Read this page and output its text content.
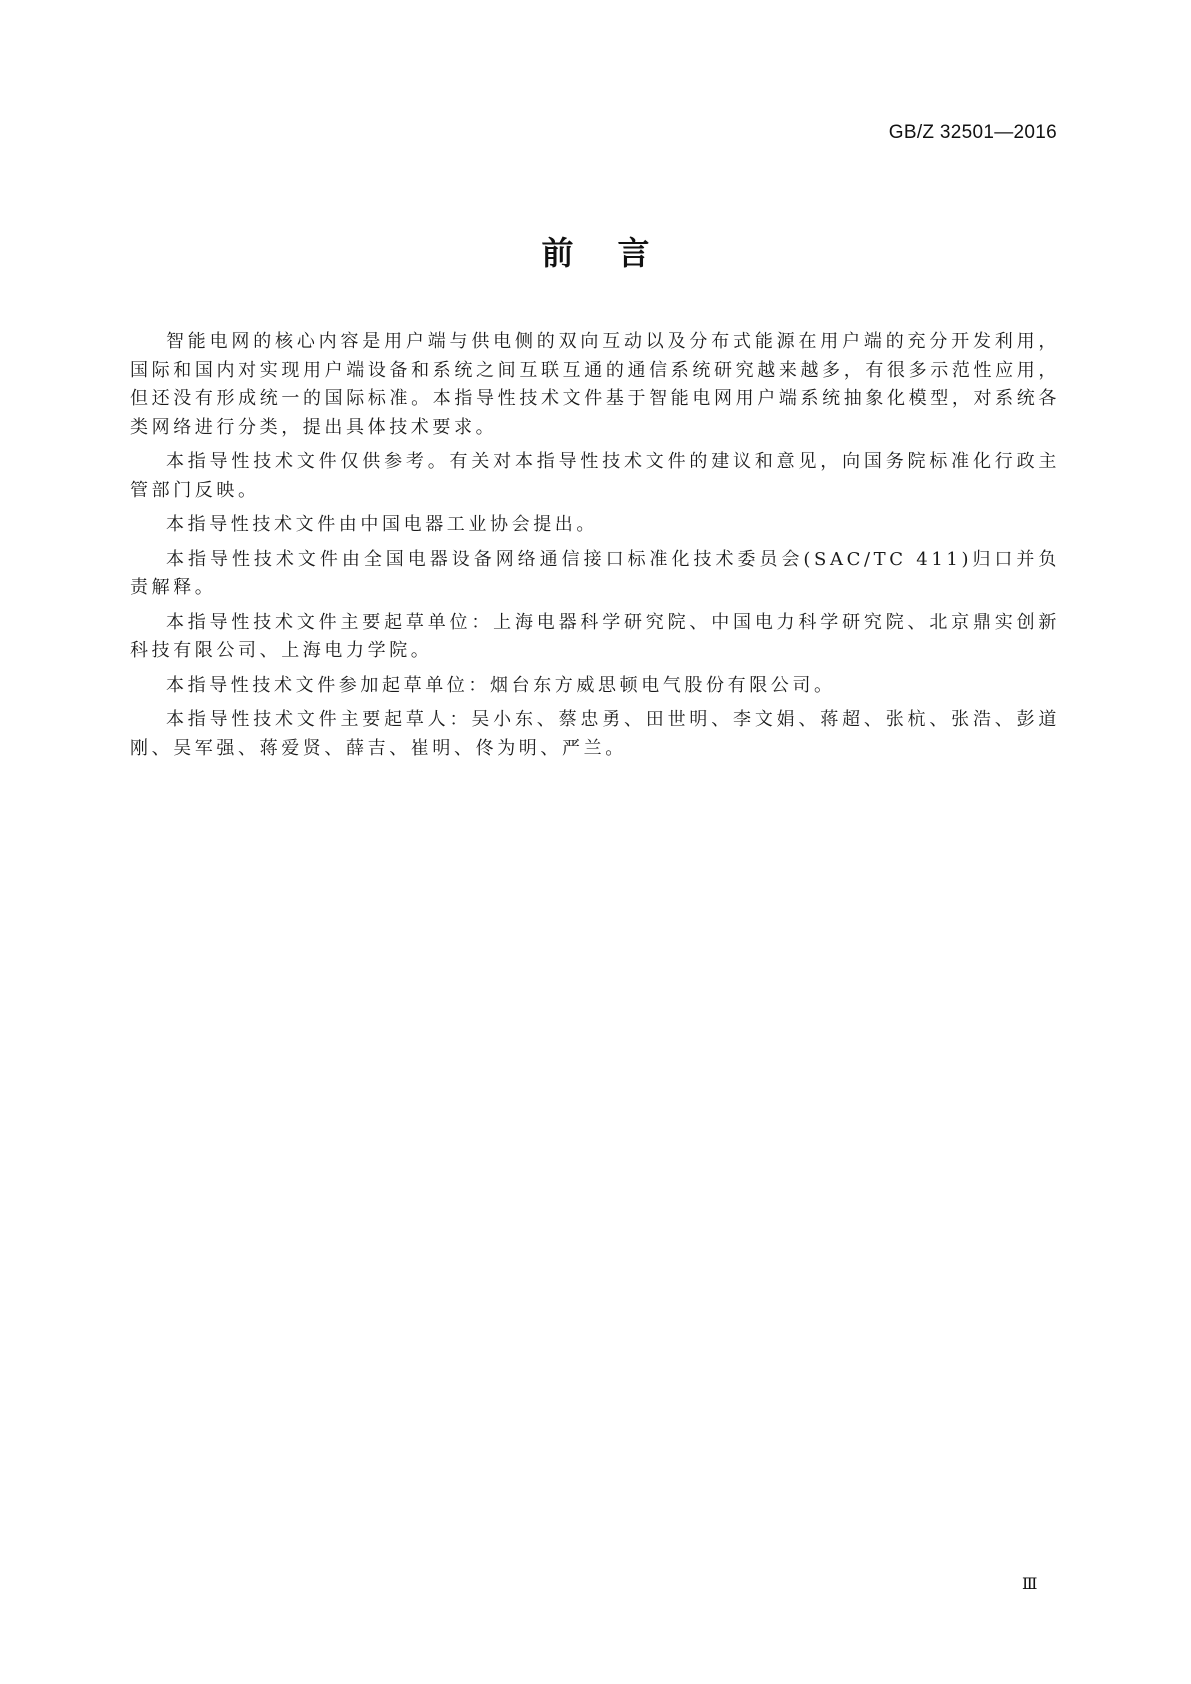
GB/Z 32501—2016
前 言

智能电网的核心内容是用户端与供电侧的双向互动以及分布式能源在用户端的充分开发利用，国际和国内对实现用户端设备和系统之间互联互通的通信系统研究越来越多，有很多示范性应用，但还没有形成统一的国际标准。本指导性技术文件基于智能电网用户端系统抽象化模型，对系统各类网络进行分类，提出具体技术要求。

本指导性技术文件仅供参考。有关对本指导性技术文件的建议和意见，向国务院标准化行政主管部门反映。

本指导性技术文件由中国电器工业协会提出。

本指导性技术文件由全国电器设备网络通信接口标准化技术委员会(SAC/TC 411)归口并负责解释。

本指导性技术文件主要起草单位：上海电器科学研究院、中国电力科学研究院、北京鼎实创新科技有限公司、上海电力学院。

本指导性技术文件参加起草单位：烟台东方威思顿电气股份有限公司。

本指导性技术文件主要起草人：吴小东、蔡忠勇、田世明、李文娟、蒋超、张杭、张浩、彭道刚、吴军强、蒋爱贤、薛吉、崔明、佟为明、严兰。

Ⅲ
